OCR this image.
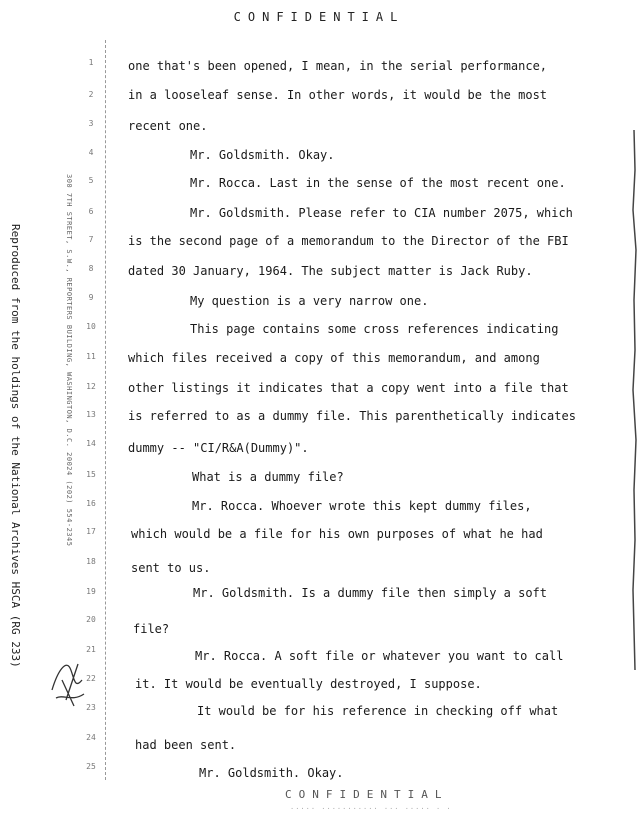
CONFIDENTIAL
Reproduced from the holdings of the National Archives HSCA (RG 233)	300 7TH STREET, S.W., REPORTERS BUILDING, WASHINGTON, D.C. 20024 (202) 554-2345
1
2
3
4
5
6
7
8
9
10
11
12
13
14
15
16
17
18
19
20
21
22
23
24
25
one that's been opened, I mean, in the serial performance,
in a looseleaf sense. In other words, it would be the most
recent one.
Mr. Goldsmith. Okay.
Mr. Rocca. Last in the sense of the most recent one.
Mr. Goldsmith. Please refer to CIA number 2075, which
is the second page of a memorandum to the Director of the FBI
dated 30 January, 1964. The subject matter is Jack Ruby.
My question is a very narrow one.
This page contains some cross references indicating
which files received a copy of this memorandum, and among
other listings it indicates that a copy went into a file that
is referred to as a dummy file. This parenthetically indicates
dummy -- "CI/R&A(Dummy)".
What is a dummy file?
Mr. Rocca. Whoever wrote this kept dummy files,
which would be a file for his own purposes of what he had
sent to us.
Mr. Goldsmith. Is a dummy file then simply a soft
file?
Mr. Rocca. A soft file or whatever you want to call
it. It would be eventually destroyed, I suppose.
It would be for his reference in checking off what
had been sent.
Mr. Goldsmith. Okay.
CONFIDENTIAL
····· ··········· ··· ····· · ·
